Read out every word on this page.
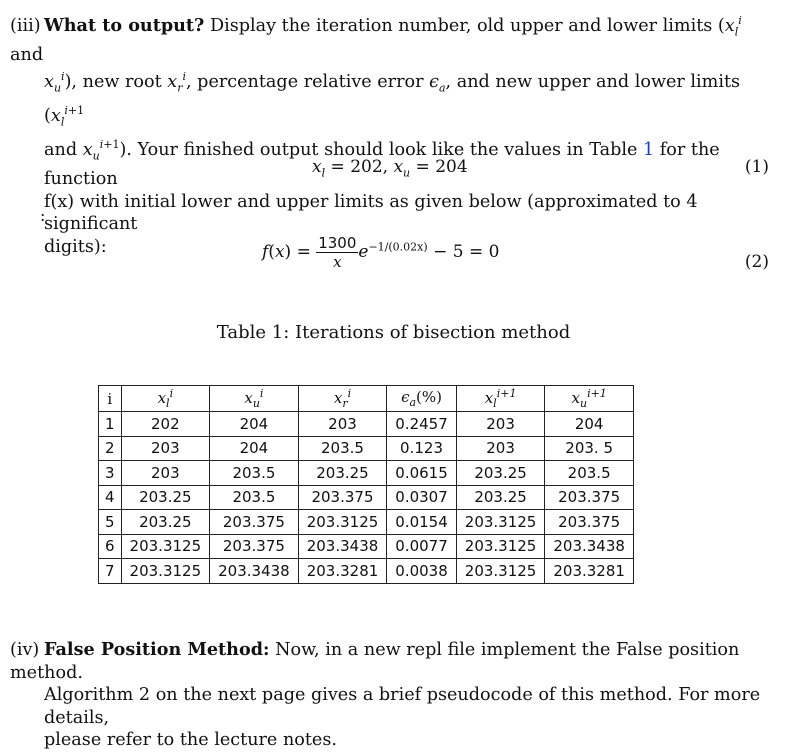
(iii) What to output? Display the iteration number, old upper and lower limits ($x_l^i$ and
$x_u^i$), new root $x_r^i$, percentage relative error $\epsilon_a$, and new upper and lower limits ($x_l^{i+1}$
and $x_u^{i+1}$). Your finished output should look like the values in Table 1 for the function
f(x) with initial lower and upper limits as given below (approximated to 4 significant
digits):
$x_l = 202$, $x_u = 204$	(1)
:
$f(x) = \frac{1300}{x} e^{-1/(0.02x)} - 5 = 0$	(2)
Table 1: Iterations of bisection method
i	$x_l^i$	$x_u^i$	$x_r^i$	$\epsilon_a(\%)$	$x_l^{i+1}$	$x_u^{i+1}$
1	202	204	203	0.2457	203	204
2	203	204	203.5	0.123	203	203. 5
3	203	203.5	203.25	0.0615	203.25	203.5
4	203.25	203.5	203.375	0.0307	203.25	203.375
5	203.25	203.375	203.3125	0.0154	203.3125	203.375
6	203.3125	203.375	203.3438	0.0077	203.3125	203.3438
7	203.3125	203.3438	203.3281	0.0038	203.3125	203.3281
(iv) False Position Method: Now, in a new repl file implement the False position method.
Algorithm 2 on the next page gives a brief pseudocode of this method. For more details,
please refer to the lecture notes.
